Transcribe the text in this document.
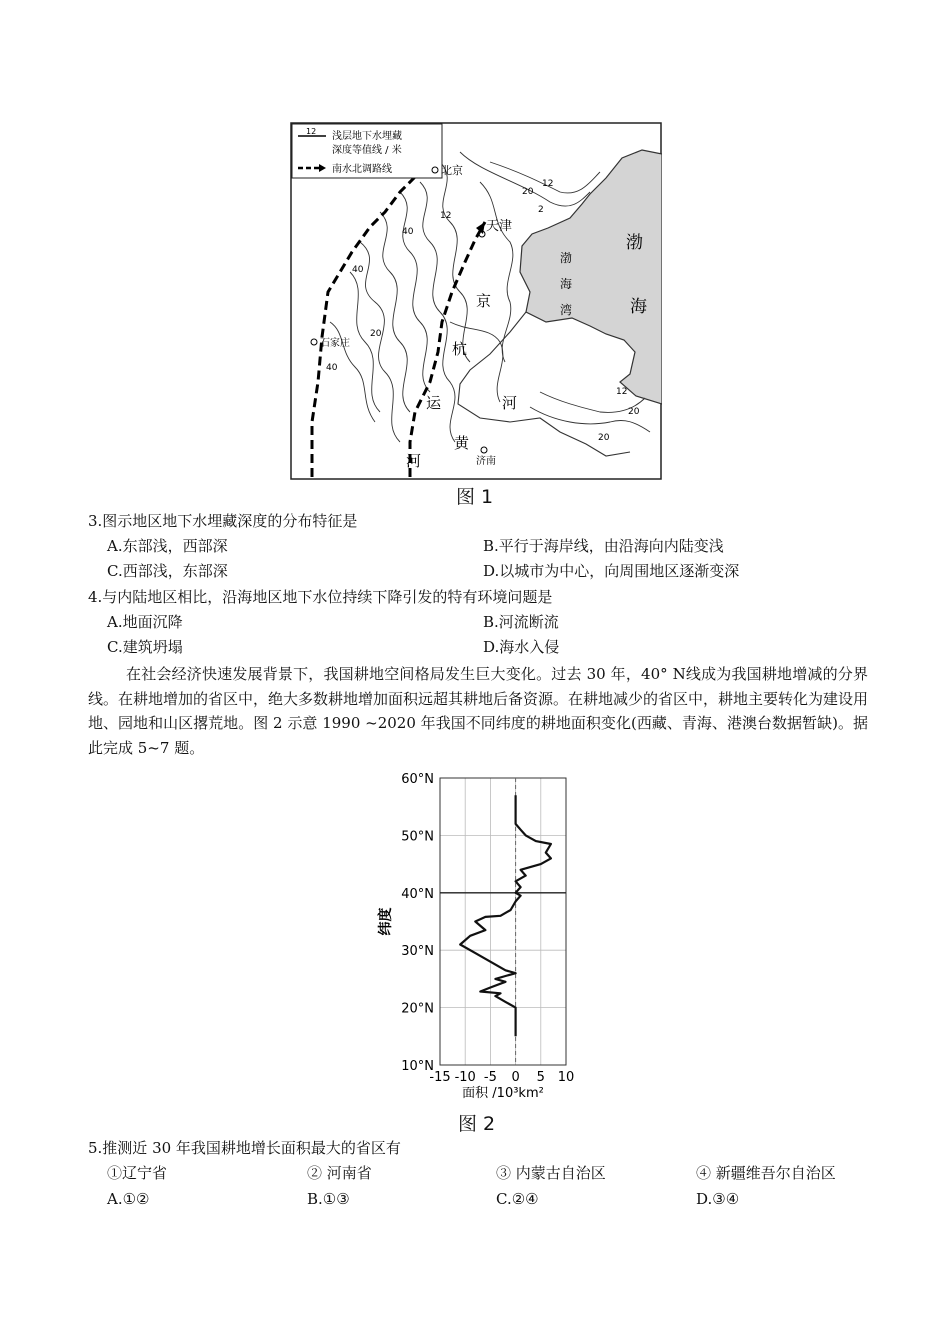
12 浅层地下水埋藏
深度等值线 / 米
南水北调路线	北京
天津
石家庄
济南
渤
海
湾
渤
海
京
杭
运
河
黄
河
12
20
40
2
20
12
40
20
40
12
20
图 1
3.图示地区地下水埋藏深度的分布特征是
A.东部浅，西部深	B.平行于海岸线，由沿海向内陆变浅
C.西部浅，东部深	D.以城市为中心，向周围地区逐渐变深
4.与内陆地区相比，沿海地区地下水位持续下降引发的特有环境问题是
A.地面沉降	B.河流断流
C.建筑坍塌	D.海水入侵
在社会经济快速发展背景下，我国耕地空间格局发生巨大变化。过去 30 年，40° N线成为我国耕地增减的分界线。在耕地增加的省区中，绝大多数耕地增加面积远超其耕地后备资源。在耕地减少的省区中，耕地主要转化为建设用地、园地和山区撂荒地。图 2 示意 1990 ~2020 年我国不同纬度的耕地面积变化(西藏、青海、港澳台数据暂缺)。据此完成 5~7 题。
10°N
20°N
30°N
40°N
50°N
60°N
-15 -10 -5 0 5 10
面积 /10³km²
纬度
图 2
5.推测近 30 年我国耕地增长面积最大的省区有
①辽宁省	② 河南省	③ 内蒙古自治区	④ 新疆维吾尔自治区
A.①②	B.①③	C.②④	D.③④
